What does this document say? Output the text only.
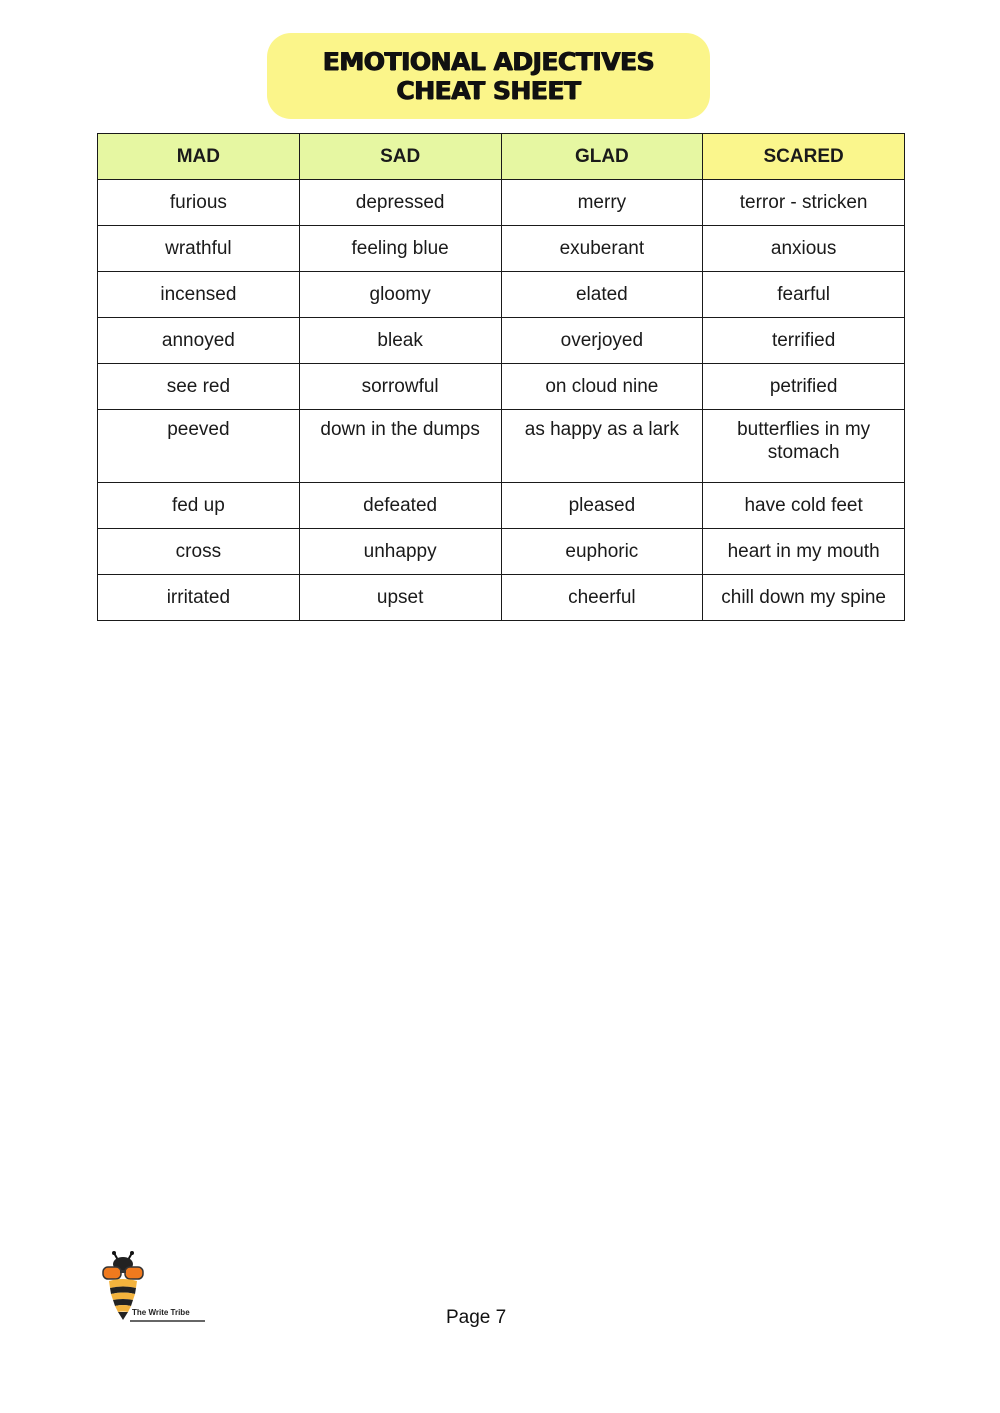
EMOTIONAL ADJECTIVES
CHEAT SHEET
MAD	SAD	GLAD	SCARED
furious	depressed	merry	terror - stricken
wrathful	feeling blue	exuberant	anxious
incensed	gloomy	elated	fearful
annoyed	bleak	overjoyed	terrified
see red	sorrowful	on cloud nine	petrified
peeved	down in the dumps	as happy as a lark	butterflies in my stomach
fed up	defeated	pleased	have cold feet
cross	unhappy	euphoric	heart in my mouth
irritated	upset	cheerful	chill down my spine
The Write Tribe	Page 7
